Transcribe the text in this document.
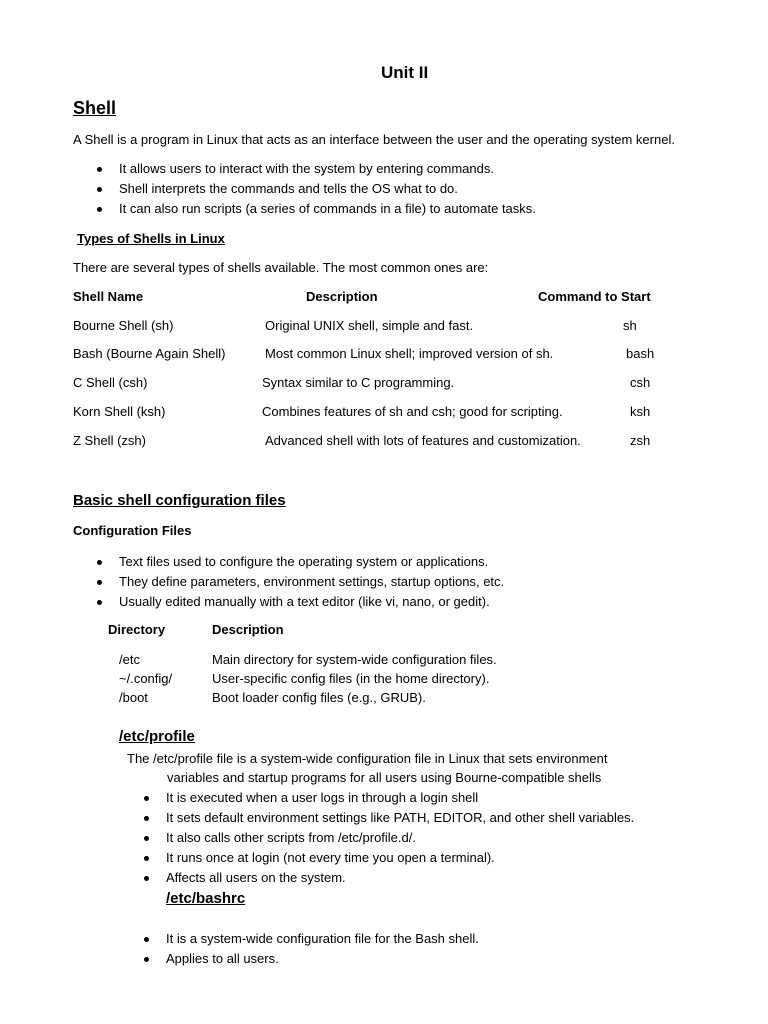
Unit II
Shell
A Shell is a program in Linux that acts as an interface between the user and the operating system kernel.
It allows users to interact with the system by entering commands.
Shell interprets the commands and tells the OS what to do.
It can also run scripts (a series of commands in a file) to automate tasks.
Types of Shells in Linux
There are several types of shells available. The most common ones are:
Shell Name	Description	Command to Start
Bourne Shell (sh)	Original UNIX shell, simple and fast.	sh
Bash (Bourne Again Shell)	Most common Linux shell; improved version of sh.	bash
C Shell (csh)	Syntax similar to C programming.	csh
Korn Shell (ksh)	Combines features of sh and csh; good for scripting.	ksh
Z Shell (zsh)	Advanced shell with lots of features and customization.	zsh
Basic shell configuration files
Configuration Files
Text files used to configure the operating system or applications.
They define parameters, environment settings, startup options, etc.
Usually edited manually with a text editor (like vi, nano, or gedit).
Directory	Description
/etc	Main directory for system-wide configuration files.
~/.config/	User-specific config files (in the home directory).
/boot	Boot loader config files (e.g., GRUB).
/etc/profile
The /etc/profile file is a system-wide configuration file in Linux that sets environment
variables and startup programs for all users using Bourne-compatible shells
It is executed when a user logs in through a login shell
It sets default environment settings like PATH, EDITOR, and other shell variables.
It also calls other scripts from /etc/profile.d/.
It runs once at login (not every time you open a terminal).
Affects all users on the system.
/etc/bashrc
It is a system-wide configuration file for the Bash shell.
Applies to all users.
